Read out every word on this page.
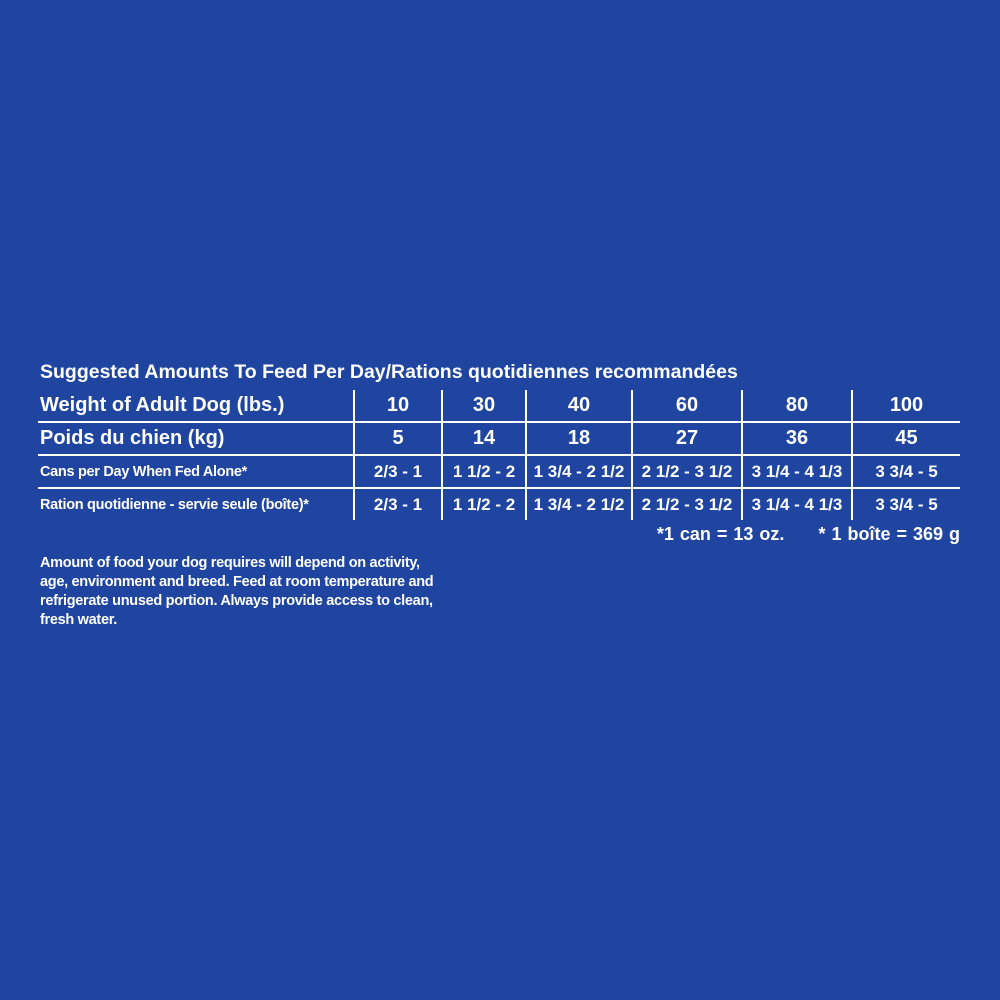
Suggested Amounts To Feed Per Day/Rations quotidiennes recommandées
Weight of Adult Dog (lbs.)	10	30	40	60	80	100
Poids du chien (kg)	5	14	18	27	36	45
Cans per Day When Fed Alone*	2/3 - 1	1 1/2 - 2	1 3/4 - 2 1/2	2 1/2 - 3 1/2	3 1/4 - 4 1/3	3 3/4 - 5
Ration quotidienne - servie seule (boîte)*	2/3 - 1	1 1/2 - 2	1 3/4 - 2 1/2	2 1/2 - 3 1/2	3 1/4 - 4 1/3	3 3/4 - 5
*1 can = 13 oz. * 1 boîte = 369 g
Amount of food your dog requires will depend on activity,
age, environment and breed. Feed at room temperature and
refrigerate unused portion. Always provide access to clean,
fresh water.
